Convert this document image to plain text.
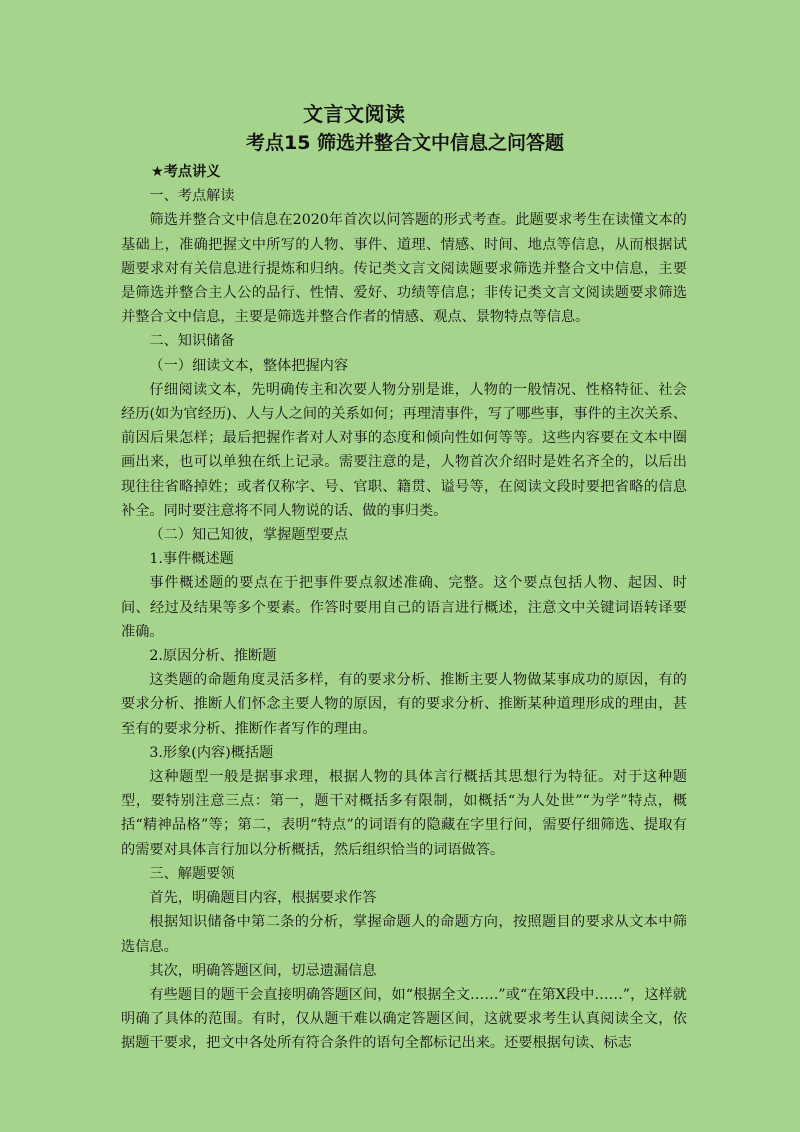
文言文阅读
考点15 筛选并整合文中信息之问答题

★考点讲义

一、考点解读

筛选并整合文中信息在2020年首次以问答题的形式考查。此题要求考生在读懂文本的基础上，准确把握文中所写的人物、事件、道理、情感、时间、地点等信息，从而根据试题要求对有关信息进行提炼和归纳。传记类文言文阅读题要求筛选并整合文中信息，主要是筛选并整合主人公的品行、性情、爱好、功绩等信息；非传记类文言文阅读题要求筛选并整合文中信息，主要是筛选并整合作者的情感、观点、景物特点等信息。

二、知识储备

（一）细读文本，整体把握内容

仔细阅读文本，先明确传主和次要人物分别是谁，人物的一般情况、性格特征、社会经历(如为官经历)、人与人之间的关系如何；再理清事件，写了哪些事，事件的主次关系、前因后果怎样；最后把握作者对人对事的态度和倾向性如何等等。这些内容要在文本中圈画出来，也可以单独在纸上记录。需要注意的是，人物首次介绍时是姓名齐全的，以后出现往往省略掉姓；或者仅称字、号、官职、籍贯、谥号等，在阅读文段时要把省略的信息补全。同时要注意将不同人物说的话、做的事归类。

（二）知己知彼，掌握题型要点

1.事件概述题

事件概述题的要点在于把事件要点叙述准确、完整。这个要点包括人物、起因、时间、经过及结果等多个要素。作答时要用自己的语言进行概述，注意文中关键词语转译要准确。

2.原因分析、推断题

这类题的命题角度灵活多样，有的要求分析、推断主要人物做某事成功的原因，有的要求分析、推断人们怀念主要人物的原因，有的要求分析、推断某种道理形成的理由，甚至有的要求分析、推断作者写作的理由。

3.形象(内容)概括题

这种题型一般是据事求理，根据人物的具体言行概括其思想行为特征。对于这种题型，要特别注意三点：第一，题干对概括多有限制，如概括“为人处世”“为学”特点，概括“精神品格”等；第二，表明“特点”的词语有的隐藏在字里行间，需要仔细筛选、提取有的需要对具体言行加以分析概括，然后组织恰当的词语做答。

三、解题要领

首先，明确题目内容，根据要求作答

根据知识储备中第二条的分析，掌握命题人的命题方向，按照题目的要求从文本中筛选信息。

其次，明确答题区间，切忌遗漏信息

有些题目的题干会直接明确答题区间，如“根据全文……”或“在第X段中……”，这样就明确了具体的范围。有时，仅从题干难以确定答题区间，这就要求考生认真阅读全文，依据题干要求，把文中各处所有符合条件的语句全都标记出来。还要根据句读、标志
